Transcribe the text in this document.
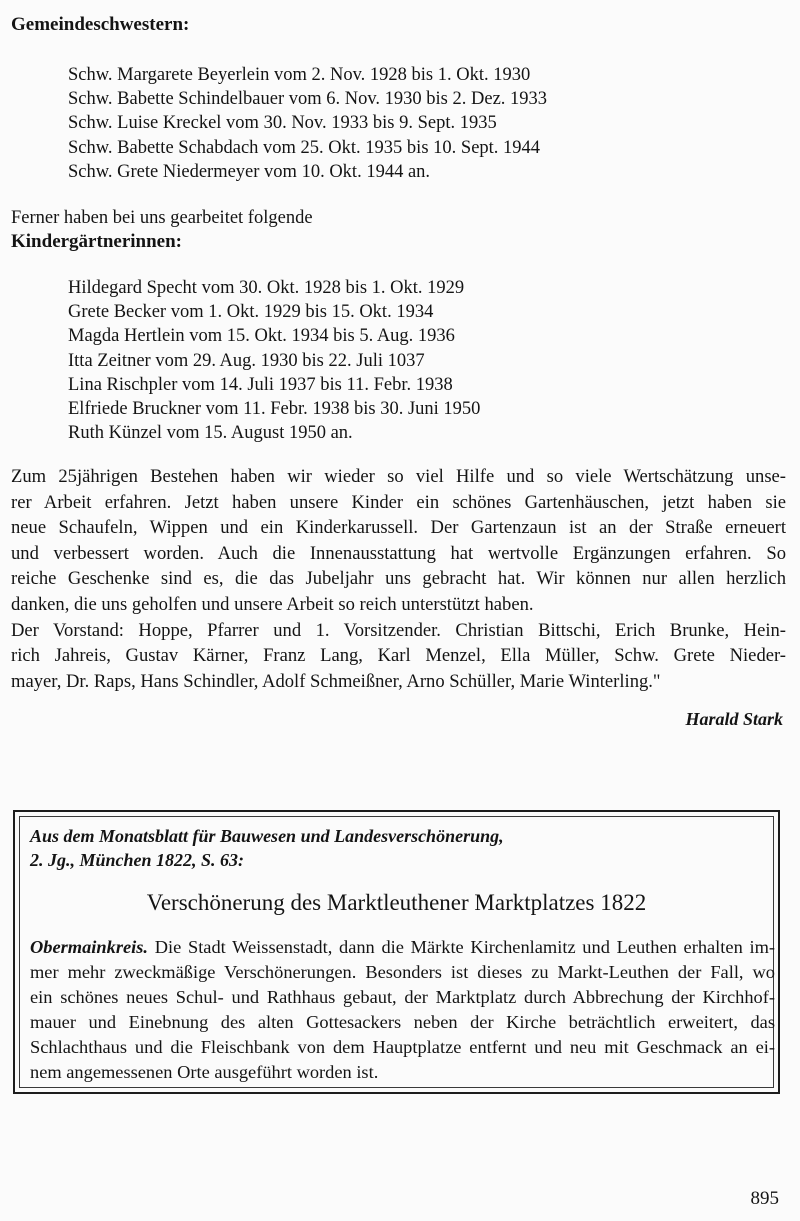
Gemeindeschwestern:
Schw. Margarete Beyerlein vom 2. Nov. 1928 bis 1. Okt. 1930
Schw. Babette Schindelbauer vom 6. Nov. 1930 bis 2. Dez. 1933
Schw. Luise Kreckel vom 30. Nov. 1933 bis 9. Sept. 1935
Schw. Babette Schabdach vom 25. Okt. 1935 bis 10. Sept. 1944
Schw. Grete Niedermeyer vom 10. Okt. 1944 an.
Ferner haben bei uns gearbeitet folgende
Kindergärtnerinnen:
Hildegard Specht vom 30. Okt. 1928 bis 1. Okt. 1929
Grete Becker vom 1. Okt. 1929 bis 15. Okt. 1934
Magda Hertlein vom 15. Okt. 1934 bis 5. Aug. 1936
Itta Zeitner vom 29. Aug. 1930 bis 22. Juli 1037
Lina Rischpler vom 14. Juli 1937 bis 11. Febr. 1938
Elfriede Bruckner vom 11. Febr. 1938 bis 30. Juni 1950
Ruth Künzel vom 15. August 1950 an.
Zum 25jährigen Bestehen haben wir wieder so viel Hilfe und so viele Wertschätzung unse-
rer Arbeit erfahren. Jetzt haben unsere Kinder ein schönes Gartenhäuschen, jetzt haben sie
neue Schaufeln, Wippen und ein Kinderkarussell. Der Gartenzaun ist an der Straße erneuert
und verbessert worden. Auch die Innenausstattung hat wertvolle Ergänzungen erfahren. So
reiche Geschenke sind es, die das Jubeljahr uns gebracht hat. Wir können nur allen herzlich
danken, die uns geholfen und unsere Arbeit so reich unterstützt haben.
Der Vorstand: Hoppe, Pfarrer und 1. Vorsitzender. Christian Bittschi, Erich Brunke, Hein-
rich Jahreis, Gustav Kärner, Franz Lang, Karl Menzel, Ella Müller, Schw. Grete Nieder-
mayer, Dr. Raps, Hans Schindler, Adolf Schmeißner, Arno Schüller, Marie Winterling."
Harald Stark
Aus dem Monatsblatt für Bauwesen und Landesverschönerung,
2. Jg., München 1822, S. 63:
Verschönerung des Marktleuthener Marktplatzes 1822
Obermainkreis. Die Stadt Weissenstadt, dann die Märkte Kirchenlamitz und Leuthen erhalten im-
mer mehr zweckmäßige Verschönerungen. Besonders ist dieses zu Markt-Leuthen der Fall, wo
ein schönes neues Schul- und Rathhaus gebaut, der Marktplatz durch Abbrechung der Kirchhof-
mauer und Einebnung des alten Gottesackers neben der Kirche beträchtlich erweitert, das
Schlachthaus und die Fleischbank von dem Hauptplatze entfernt und neu mit Geschmack an ei-
nem angemessenen Orte ausgeführt worden ist.
895
